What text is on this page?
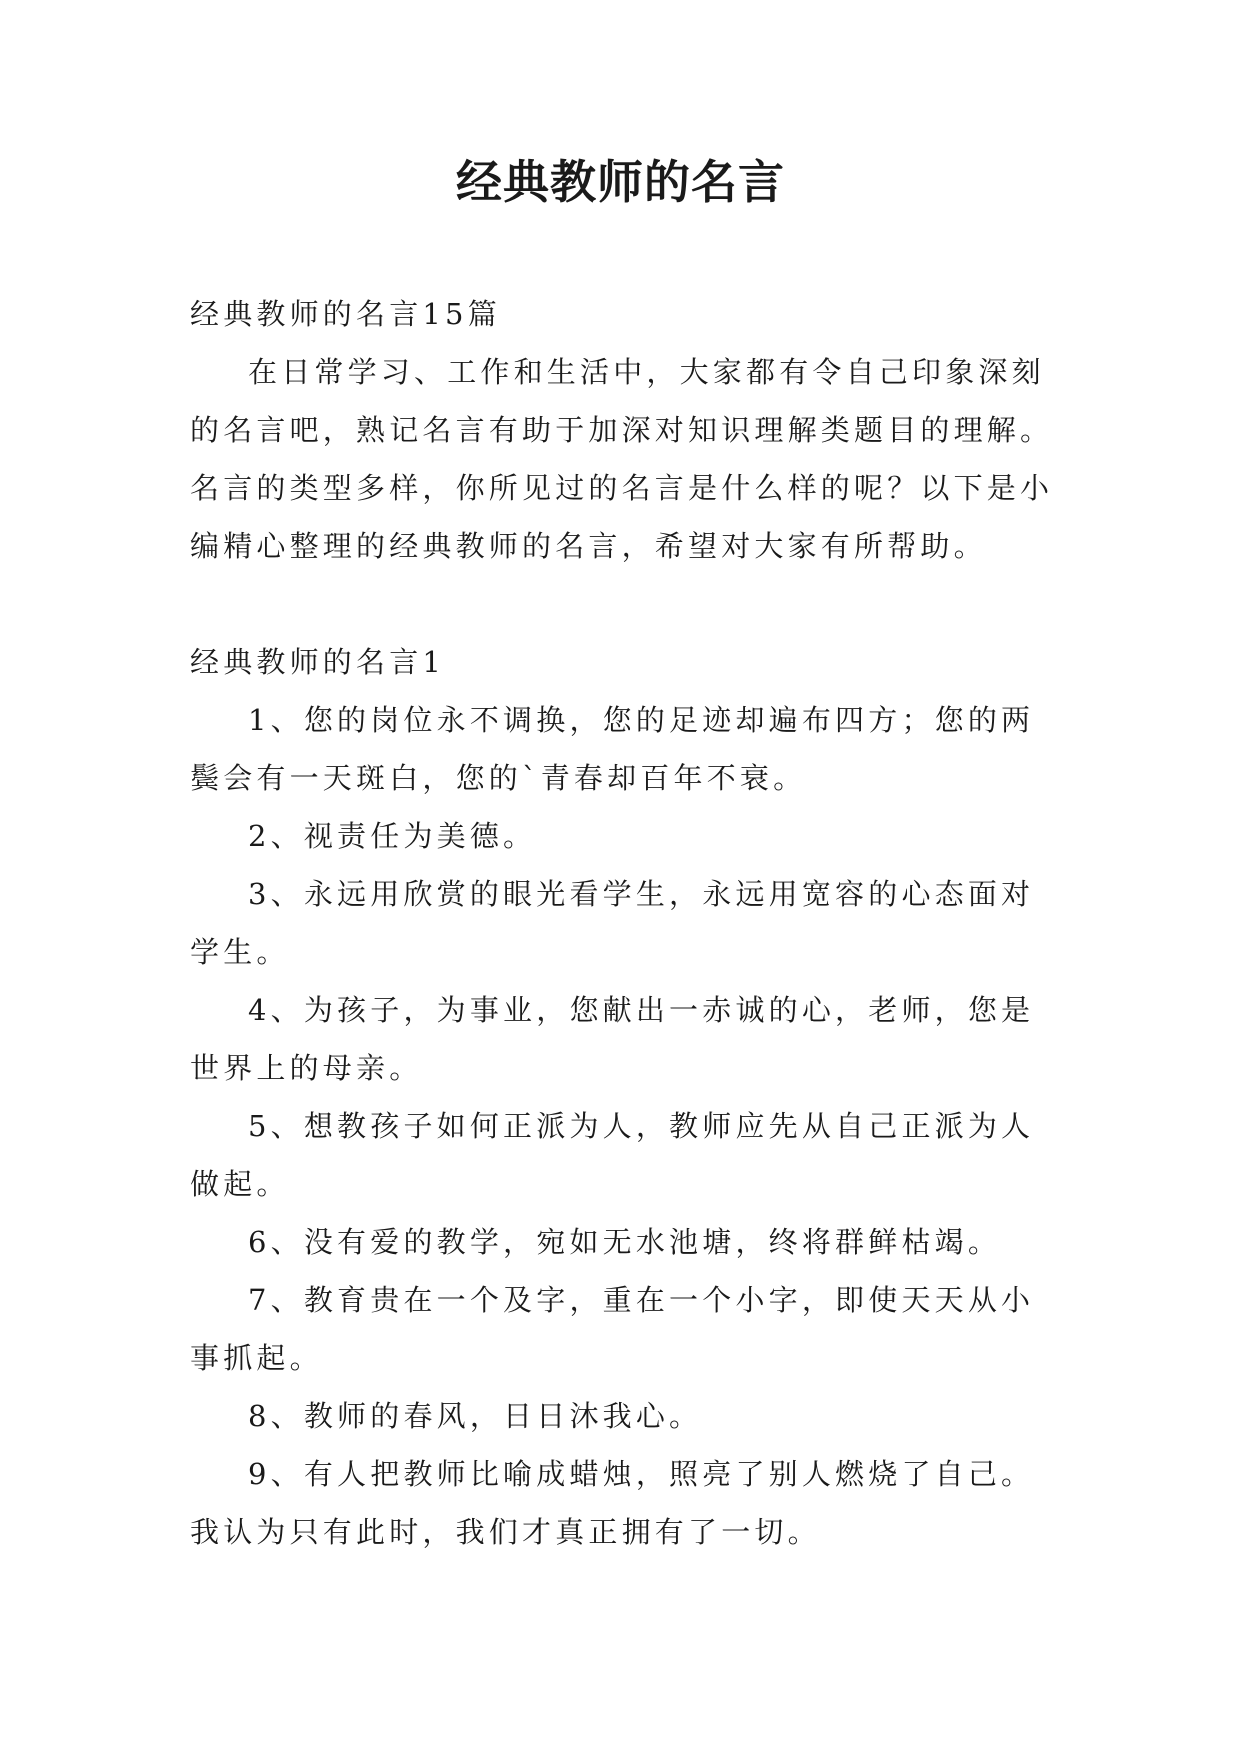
经典教师的名言

经典教师的名言15篇

在日常学习、工作和生活中，大家都有令自己印象深刻的名言吧，熟记名言有助于加深对知识理解类题目的理解。名言的类型多样，你所见过的名言是什么样的呢？以下是小编精心整理的经典教师的名言，希望对大家有所帮助。

经典教师的名言1

1、您的岗位永不调换，您的足迹却遍布四方；您的两鬓会有一天斑白，您的`青春却百年不衰。

2、视责任为美德。

3、永远用欣赏的眼光看学生，永远用宽容的心态面对学生。

4、为孩子，为事业，您献出一赤诚的心，老师，您是世界上的母亲。

5、想教孩子如何正派为人，教师应先从自己正派为人做起。

6、没有爱的教学，宛如无水池塘，终将群鲜枯竭。

7、教育贵在一个及字，重在一个小字，即使天天从小事抓起。

8、教师的春风，日日沐我心。

9、有人把教师比喻成蜡烛，照亮了别人燃烧了自己。我认为只有此时，我们才真正拥有了一切。
